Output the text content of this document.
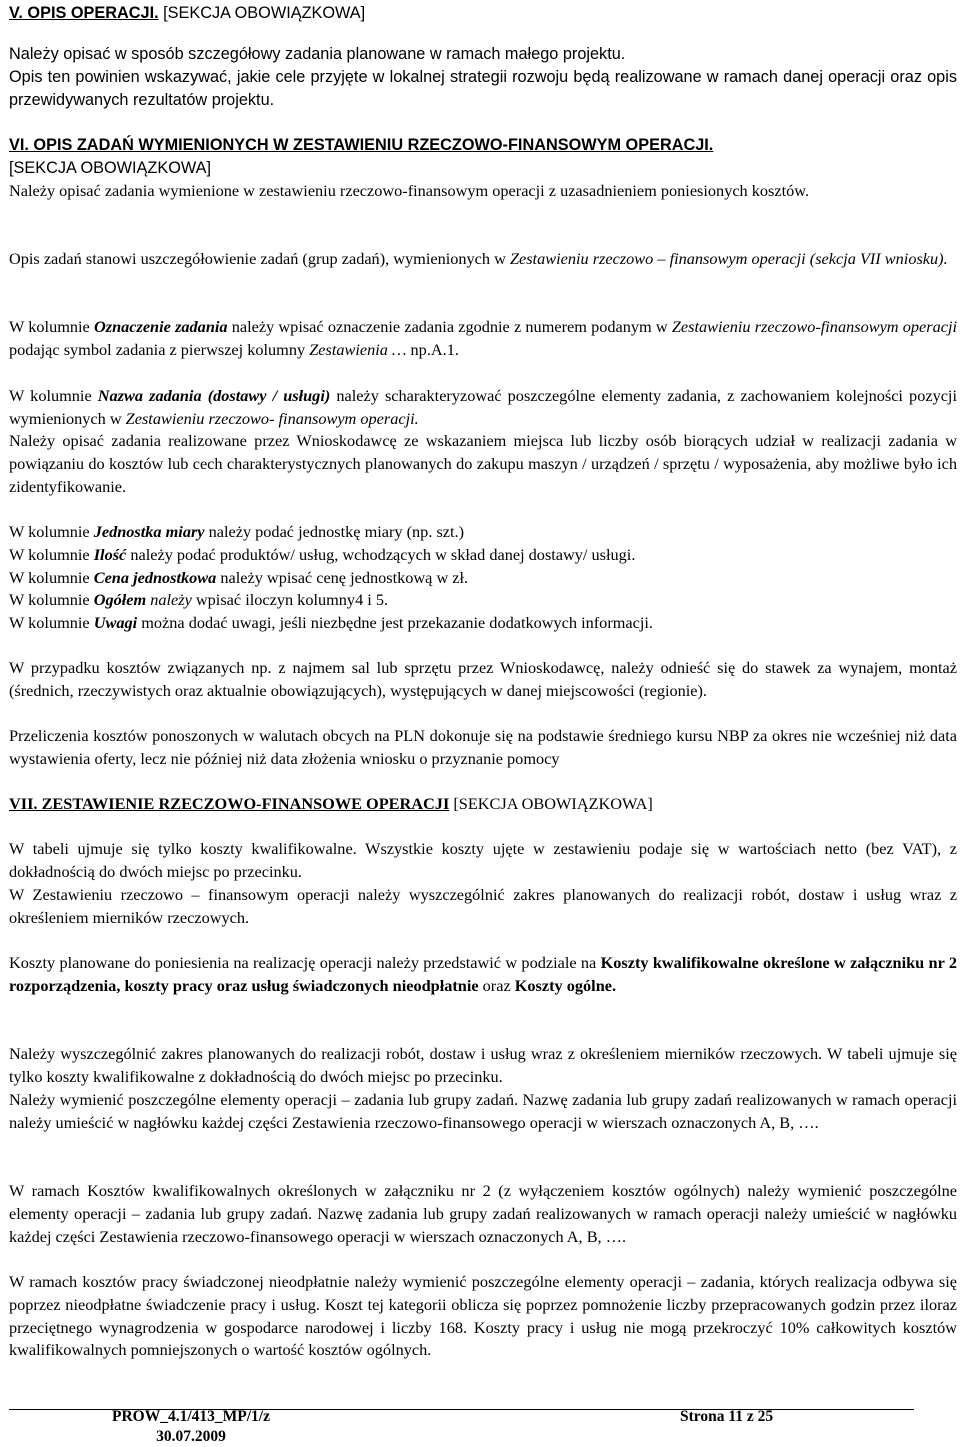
V. OPIS OPERACJI. [SEKCJA OBOWIĄZKOWA]
Należy opisać w sposób szczegółowy zadania planowane w ramach małego projektu.
Opis ten powinien wskazywać, jakie cele przyjęte w lokalnej strategii rozwoju będą realizowane w ramach danej operacji oraz opis przewidywanych rezultatów projektu.
VI. OPIS ZADAŃ WYMIENIONYCH W ZESTAWIENIU RZECZOWO-FINANSOWYM OPERACJI.
[SEKCJA OBOWIĄZKOWA]
Należy opisać zadania wymienione w zestawieniu rzeczowo-finansowym operacji z uzasadnieniem poniesionych kosztów.
Opis zadań stanowi uszczegółowienie zadań (grup zadań), wymienionych w Zestawieniu rzeczowo – finansowym operacji (sekcja VII wniosku).
W kolumnie Oznaczenie zadania należy wpisać oznaczenie zadania zgodnie z numerem podanym w Zestawieniu rzeczowo-finansowym operacji podając symbol zadania z pierwszej kolumny Zestawienia … np.A.1.
W kolumnie Nazwa zadania (dostawy / usługi) należy scharakteryzować poszczególne elementy zadania, z zachowaniem kolejności pozycji wymienionych w Zestawieniu rzeczowo- finansowym operacji.
Należy opisać zadania realizowane przez Wnioskodawcę ze wskazaniem miejsca lub liczby osób biorących udział w realizacji zadania w powiązaniu do kosztów lub cech charakterystycznych planowanych do zakupu maszyn / urządzeń / sprzętu / wyposażenia, aby możliwe było ich zidentyfikowanie.
W kolumnie Jednostka miary należy podać jednostkę miary (np. szt.)
W kolumnie Ilość należy podać produktów/ usług, wchodzących w skład danej dostawy/ usługi.
W kolumnie Cena jednostkowa należy wpisać cenę jednostkową w zł.
W kolumnie Ogółem należy wpisać iloczyn kolumny4 i 5.
W kolumnie Uwagi można dodać uwagi, jeśli niezbędne jest przekazanie dodatkowych informacji.
W przypadku kosztów związanych np. z najmem sal lub sprzętu przez Wnioskodawcę, należy odnieść się do stawek za wynajem, montaż (średnich, rzeczywistych oraz aktualnie obowiązujących), występujących w danej miejscowości (regionie).
Przeliczenia kosztów ponoszonych w walutach obcych na PLN dokonuje się na podstawie średniego kursu NBP za okres nie wcześniej niż data wystawienia oferty, lecz nie później niż data złożenia wniosku o przyznanie pomocy
VII. ZESTAWIENIE RZECZOWO-FINANSOWE OPERACJI [SEKCJA OBOWIĄZKOWA]
W tabeli ujmuje się tylko koszty kwalifikowalne. Wszystkie koszty ujęte w zestawieniu podaje się w wartościach netto (bez VAT), z dokładnością do dwóch miejsc po przecinku.
W Zestawieniu rzeczowo – finansowym operacji należy wyszczególnić zakres planowanych do realizacji robót, dostaw i usług wraz z określeniem mierników rzeczowych.
Koszty planowane do poniesienia na realizację operacji należy przedstawić w podziale na Koszty kwalifikowalne określone w załączniku nr 2 rozporządzenia, koszty pracy oraz usług świadczonych nieodpłatnie oraz Koszty ogólne.
Należy wyszczególnić zakres planowanych do realizacji robót, dostaw i usług wraz z określeniem mierników rzeczowych. W tabeli ujmuje się tylko koszty kwalifikowalne z dokładnością do dwóch miejsc po przecinku.
Należy wymienić poszczególne elementy operacji – zadania lub grupy zadań. Nazwę zadania lub grupy zadań realizowanych w ramach operacji należy umieścić w nagłówku każdej części Zestawienia rzeczowo-finansowego operacji w wierszach oznaczonych A, B, ….
W ramach Kosztów kwalifikowalnych określonych w załączniku nr 2 (z wyłączeniem kosztów ogólnych) należy wymienić poszczególne elementy operacji – zadania lub grupy zadań. Nazwę zadania lub grupy zadań realizowanych w ramach operacji należy umieścić w nagłówku każdej części Zestawienia rzeczowo-finansowego operacji w wierszach oznaczonych A, B, ….
W ramach kosztów pracy świadczonej nieodpłatnie należy wymienić poszczególne elementy operacji – zadania, których realizacja odbywa się poprzez nieodpłatne świadczenie pracy i usług. Koszt tej kategorii oblicza się poprzez pomnożenie liczby przepracowanych godzin przez iloraz przeciętnego wynagrodzenia w gospodarce narodowej i liczby 168. Koszty pracy i usług nie mogą przekroczyć 10% całkowitych kosztów kwalifikowalnych pomniejszonych o wartość kosztów ogólnych.
PROW_4.1/413_MP/1/z
30.07.2009
Strona 11 z 25
